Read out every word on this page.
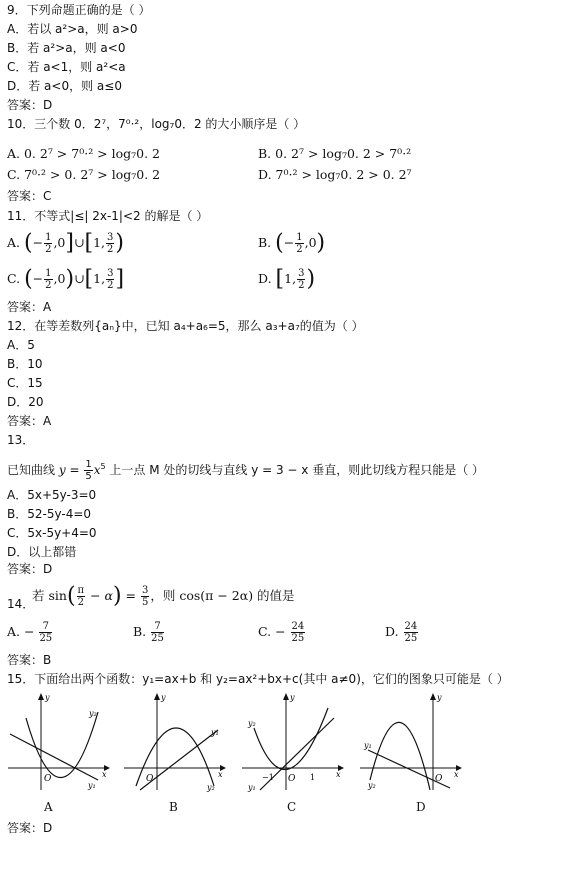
9．下列命题正确的是（ ）
A．若以 a²>a，则 a>0
B．若 a²>a，则 a<0
C．若 a<1，则 a²<a
D．若 a<0，则 a≤0
答案：D
10．三个数 0．2⁷，7⁰·²，log₇0．2 的大小顺序是（ ）
A. 0. 2⁷ > 7⁰·² > log₇0. 2	B. 0. 2⁷ > log₇0. 2 > 7⁰·²
C. 7⁰·² > 0. 2⁷ > log₇0. 2	D. 7⁰·² > log₇0. 2 > 0. 2⁷
答案：C
11．不等式|≤| 2x-1|<2 的解是（ ）
A. (− $\frac{1}{2}$ ,0]∪[1, $\frac{3}{2}$ )	B. (− $\frac{1}{2} ,0$)
C. (− $\frac{1}{2}$ ,0)∪[1, $\frac{3}{2}$ ]	D. [1, $\frac{3}{2}$ )
答案：A
12．在等差数列{aₙ}中，已知 a₄+a₆=5，那么 a₃+a₇的值为（ ）
A．5
B．10
C．15
D．20
答案：A
13．
已知曲线 $y = \frac{1}{5} x^5$ 上一点 M 处的切线与直线 y = 3 − x 垂直，则此切线方程只能是（ ）
A．5x+5y-3=0
B．52-5y-4=0
C．5x-5y+4=0
D．以上都错
答案：D
14．
若 $\sin( \frac{\pi}{2} - \alpha) = \frac{3}{5}$ ，则 cos(π − 2α) 的值是
A. − $\frac{7}{25}$	B. $\frac{7}{25}$	C. − $\frac{24}{25}$	D. $\frac{24}{25}$
答案：B
15．下面给出两个函数：y₁=ax+b 和 y₂=ax²+bx+c(其中 a≠0)，它们的图象只可能是（ ）
y
x
O
y₂
y₁
A
y
x
O
y₁
y₂
B
y
x
O
−1	1
y₂
y₁
C
y
x
O
y₁
y₂
D
答案：D
